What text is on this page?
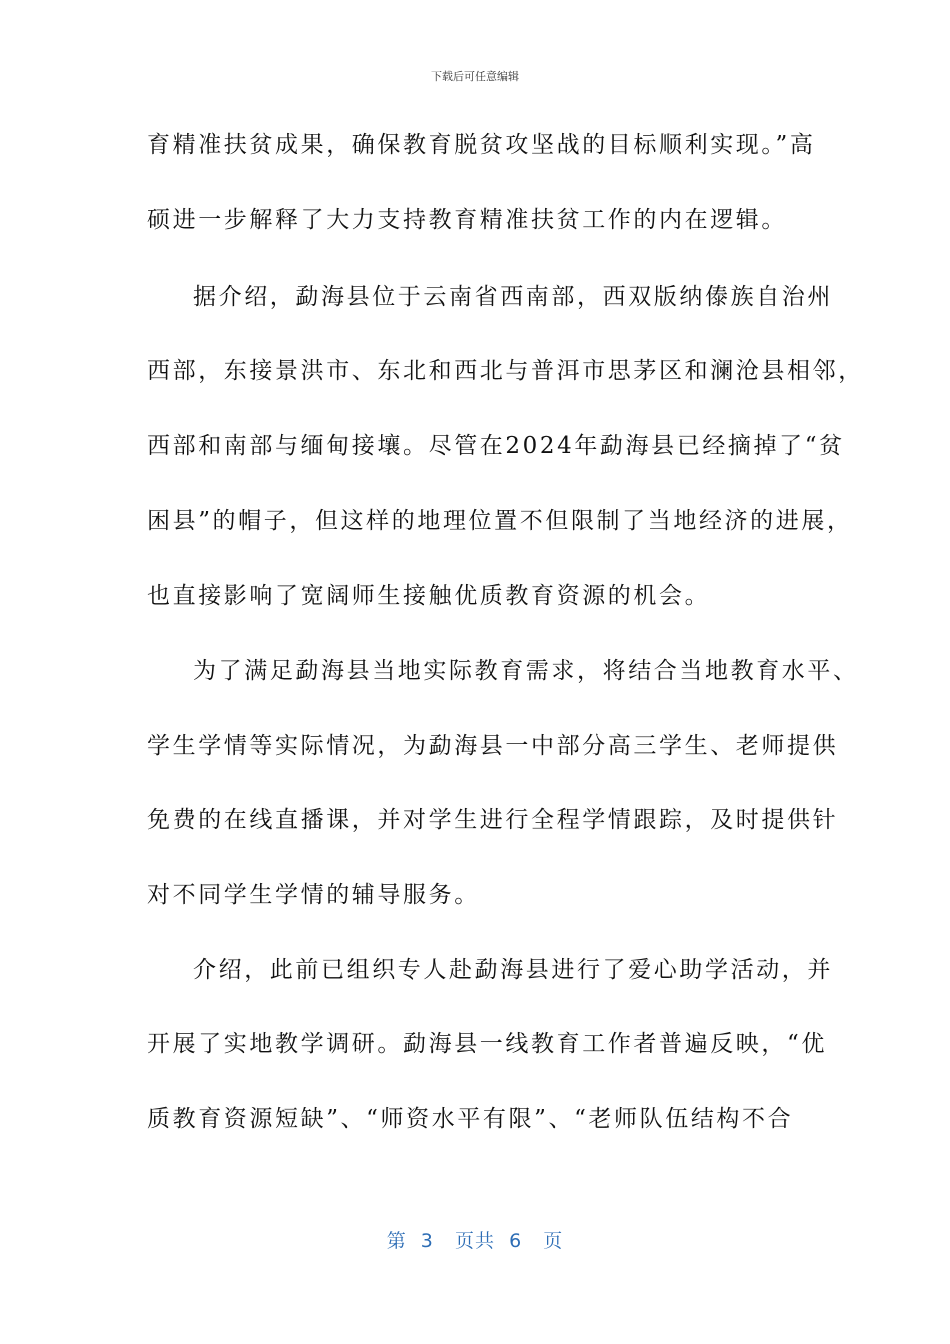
下载后可任意编辑
育精准扶贫成果，确保教育脱贫攻坚战的目标顺利实现。”高
硕进一步解释了大力支持教育精准扶贫工作的内在逻辑。
据介绍，勐海县位于云南省西南部，西双版纳傣族自治州
西部，东接景洪市、东北和西北与普洱市思茅区和澜沧县相邻，
西部和南部与缅甸接壤。尽管在2024年勐海县已经摘掉了“贫
困县”的帽子，但这样的地理位置不但限制了当地经济的进展，
也直接影响了宽阔师生接触优质教育资源的机会。
为了满足勐海县当地实际教育需求，将结合当地教育水平、
学生学情等实际情况，为勐海县一中部分高三学生、老师提供
免费的在线直播课，并对学生进行全程学情跟踪，及时提供针
对不同学生学情的辅导服务。
介绍，此前已组织专人赴勐海县进行了爱心助学活动，并
开展了实地教学调研。勐海县一线教育工作者普遍反映，“优
质教育资源短缺”、“师资水平有限”、“老师队伍结构不合
第  3   页共  6   页
